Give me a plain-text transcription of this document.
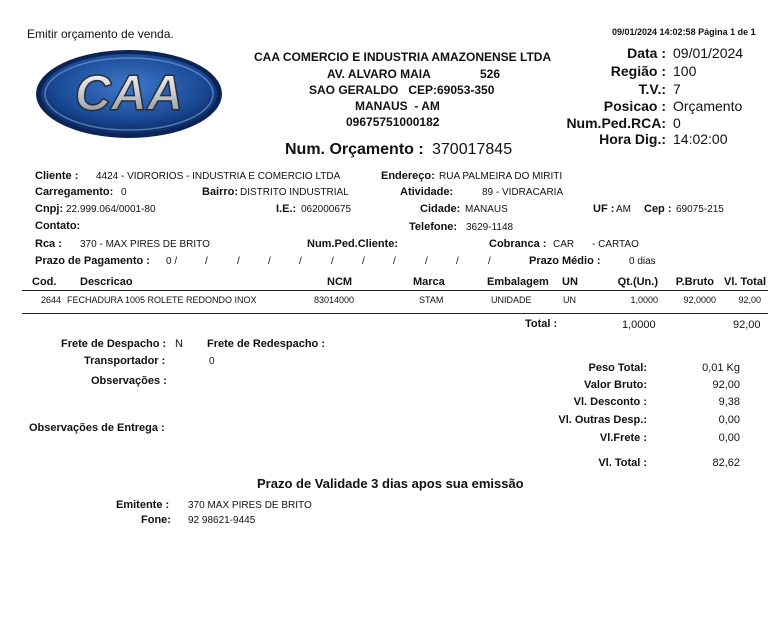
Emitir orçamento de venda.	09/01/2024 14:02:58 Página 1 de 1
CAA
CAA COMERCIO E INDUSTRIA AMAZONENSE LTDA
AV. ALVARO MAIA	526
SAO GERALDO   CEP:69053-350
MANAUS  - AM
09675751000182
Data : 09/01/2024
Região : 100
T.V.: 7
Posicao : Orçamento
Num.Ped.RCA: 0
Hora Dig.: 14:02:00
Num. Orçamento : 370017845
Cliente : 4424 - VIDRORIOS - INDUSTRIA E COMERCIO LTDA	Endereço: RUA PALMEIRA DO MIRITI
Carregamento: 0	Bairro: DISTRITO INDUSTRIAL	Atividade:	89 - VIDRACARIA
Cnpj: 22.999.064/0001-80	I.E.: 062000675	Cidade: MANAUS	UF : AM Cep : 69075-215
Contato:	Telefone: 3629-1148
Rca : 370 - MAX PIRES DE BRITO	Num.Ped.Cliente:	Cobranca : CAR - CARTAO
Prazo de Pagamento : 0 /	/	/	/	/	/	/	/	/	/	/	Prazo Médio :	0 dias
Cod. Descricao	NCM	Marca	Embalagem UN	Qt.(Un.) P.Bruto Vl. Total
2644 FECHADURA 1005 ROLETE REDONDO INOX	83014000	STAM	UNIDADE	UN	1,0000	92,0000 92,00
Total :	1,0000	92,00
Frete de Despacho : N Frete de Redespacho :
Transportador :	0
Observações :
Observações de Entrega :
Peso Total:	0,01 Kg
Valor Bruto:	92,00
Vl. Desconto :	9,38
Vl. Outras Desp.:	0,00
Vl.Frete :	0,00
Vl. Total :	82,62
Prazo de Validade 3 dias apos sua emissão
Emitente : 370 MAX PIRES DE BRITO
Fone: 92 98621-9445
